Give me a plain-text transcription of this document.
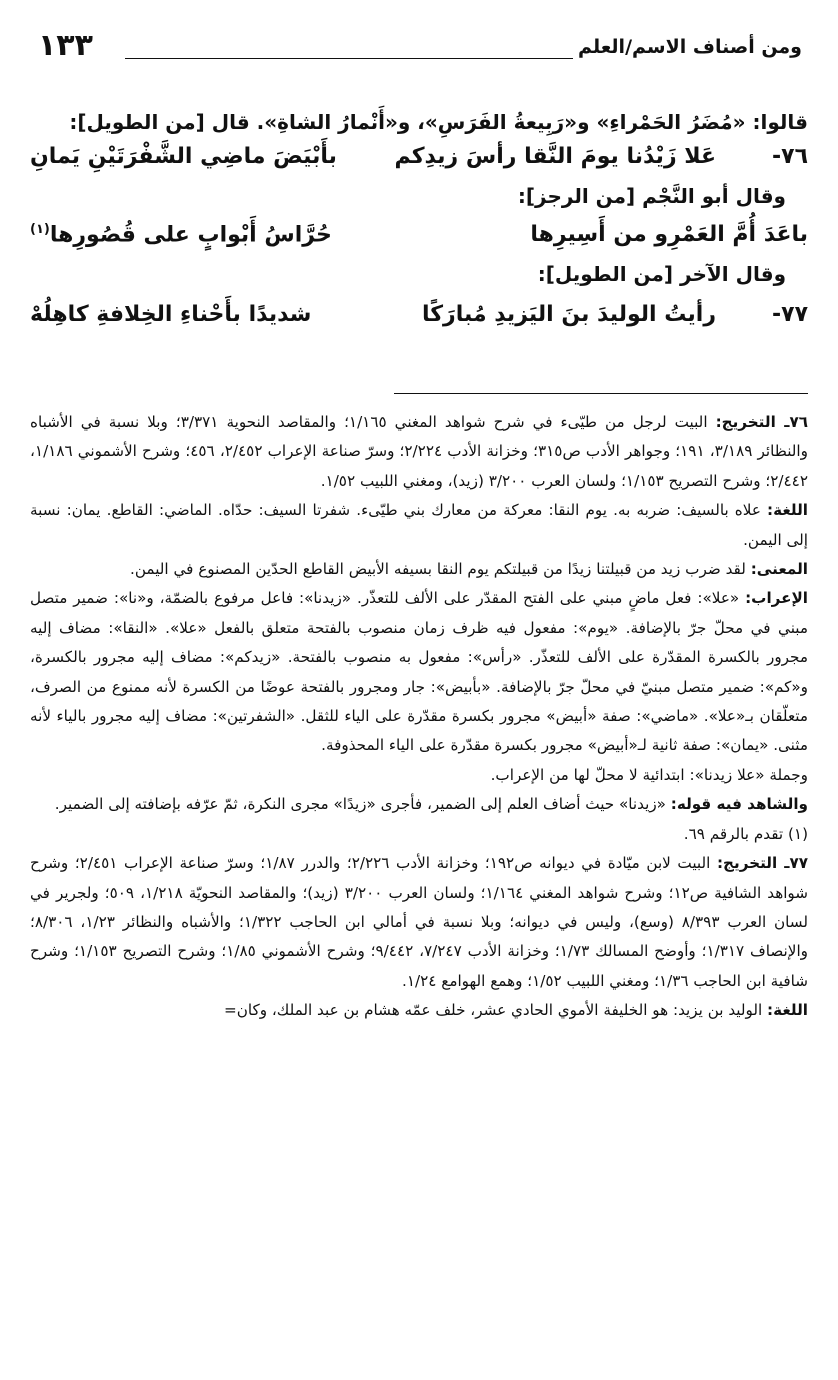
ومن أصناف الاسم/العلم
١٣٣
قالوا: «مُضَرُ الحَمْراءِ» و«رَبِيعةُ الفَرَسِ»، و«أَنْمارُ الشاةِ». قال [من الطويل]:
٧٦-
عَلا زَيْدُنا يومَ النَّقا رأسَ زيدِكم
بأَبْيَضَ ماضِي الشَّفْرَتَيْنِ يَمانِ
وقال أبو النَّجْم [من الرجز]:
باعَدَ أُمَّ العَمْرِو من أَسِيرِها
حُرَّاسُ أَبْوابٍ على قُصُورِها$^{(١)}$
وقال الآخر [من الطويل]:
٧٧-
رأيتُ الوليدَ بنَ اليَزيدِ مُبارَكًا
شديدًا بأَحْناءِ الخِلافةِ كاهِلُهْ

٧٦ـ التخريج: البيت لرجل من طيّىء في شرح شواهد المغني ١/١٦٥؛ والمقاصد النحوية ٣/٣٧١؛ وبلا نسبة في الأشباه والنظائر ٣/١٨٩، ١٩١؛ وجواهر الأدب ص٣١٥؛ وخزانة الأدب ٢/٢٢٤؛ وسرّ صناعة الإعراب ٢/٤٥٢، ٤٥٦؛ وشرح الأشموني ١/١٨٦، ٢/٤٤٢؛ وشرح التصريح ١/١٥٣؛ ولسان العرب ٣/٢٠٠ (زيد)، ومغني اللبيب ١/٥٢.

اللغة: علاه بالسيف: ضربه به. يوم النقا: معركة من معارك بني طيّىء. شفرتا السيف: حدّاه. الماضي: القاطع. يمان: نسبة إلى اليمن.

المعنى: لقد ضرب زيد من قبيلتنا زيدًا من قبيلتكم يوم النقا بسيفه الأبيض القاطع الحدّين المصنوع في اليمن.

الإعراب: «علا»: فعل ماضٍ مبني على الفتح المقدّر على الألف للتعذّر. «زيدنا»: فاعل مرفوع بالضمّة، و«نا»: ضمير متصل مبني في محلّ جرّ بالإضافة. «يوم»: مفعول فيه ظرف زمان منصوب بالفتحة متعلق بالفعل «علا». «النقا»: مضاف إليه مجرور بالكسرة المقدّرة على الألف للتعذّر. «رأس»: مفعول به منصوب بالفتحة. «زيدكم»: مضاف إليه مجرور بالكسرة، و«كم»: ضمير متصل مبنيّ في محلّ جرّ بالإضافة. «بأبيض»: جار ومجرور بالفتحة عوضًا من الكسرة لأنه ممنوع من الصرف، متعلّقان بـ«علا». «ماضي»: صفة «أبيض» مجرور بكسرة مقدّرة على الياء للثقل. «الشفرتين»: مضاف إليه مجرور بالياء لأنه مثنى. «يمان»: صفة ثانية لـ«أبيض» مجرور بكسرة مقدّرة على الياء المحذوفة.

وجملة «علا زيدنا»: ابتدائية لا محلّ لها من الإعراب.

والشاهد فيه قوله: «زيدنا» حيث أضاف العلم إلى الضمير، فأجرى «زيدًا» مجرى النكرة، ثمّ عرّفه بإضافته إلى الضمير.

(١) تقدم بالرقم ٦٩.

٧٧ـ التخريج: البيت لابن ميّادة في ديوانه ص١٩٢؛ وخزانة الأدب ٢/٢٢٦؛ والدرر ١/٨٧؛ وسرّ صناعة الإعراب ٢/٤٥١؛ وشرح شواهد الشافية ص١٢؛ وشرح شواهد المغني ١/١٦٤؛ ولسان العرب ٣/٢٠٠ (زيد)؛ والمقاصد النحويّة ١/٢١٨، ٥٠٩؛ ولجرير في لسان العرب ٨/٣٩٣ (وسع)، وليس في ديوانه؛ وبلا نسبة في أمالي ابن الحاجب ١/٣٢٢؛ والأشباه والنظائر ١/٢٣، ٨/٣٠٦؛ والإنصاف ١/٣١٧؛ وأوضح المسالك ١/٧٣؛ وخزانة الأدب ٧/٢٤٧، ٩/٤٤٢؛ وشرح الأشموني ١/٨٥؛ وشرح التصريح ١/١٥٣؛ وشرح شافية ابن الحاجب ١/٣٦؛ ومغني اللبيب ١/٥٢؛ وهمع الهوامع ١/٢٤.

اللغة: الوليد بن يزيد: هو الخليفة الأموي الحادي عشر، خلف عمّه هشام بن عبد الملك، وكان=
